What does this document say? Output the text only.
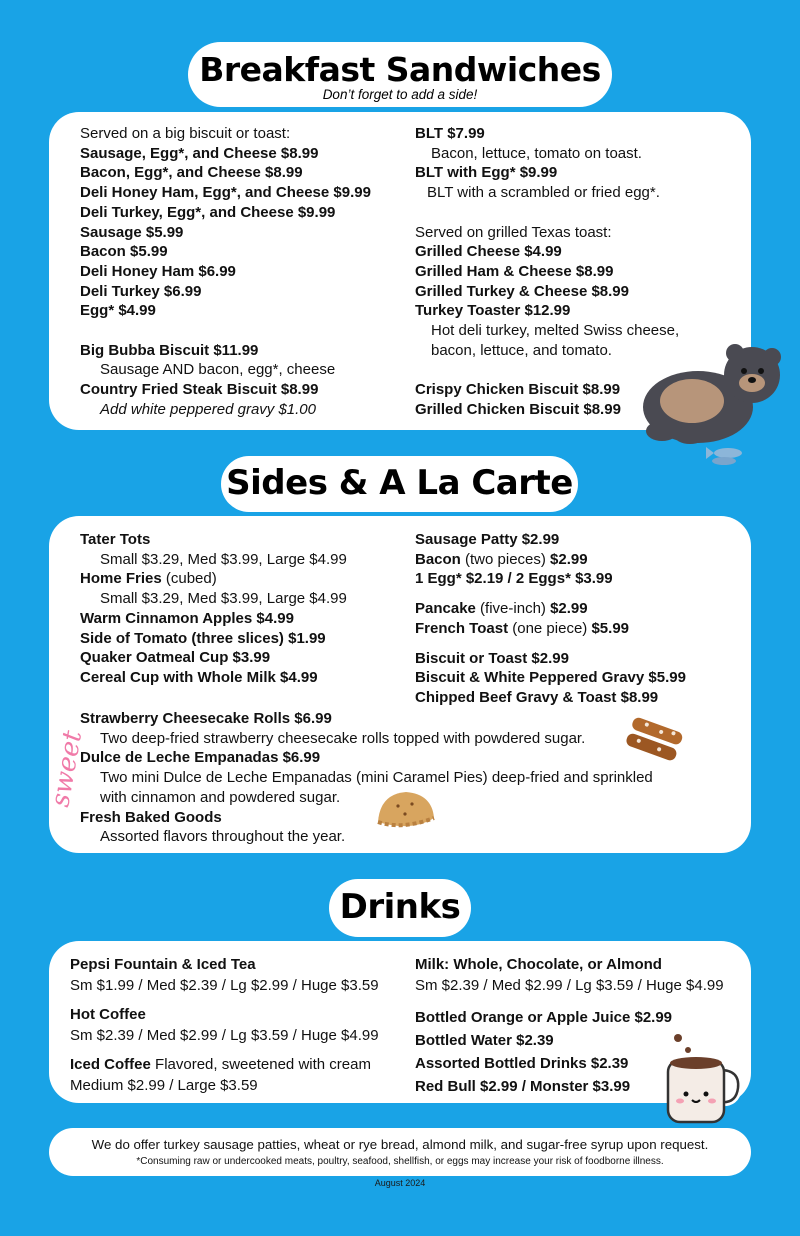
Breakfast Sandwiches
Don’t forget to add a side!
Served on a big biscuit or toast:
Sausage, Egg*, and Cheese $8.99
Bacon, Egg*, and Cheese $8.99
Deli Honey Ham, Egg*, and Cheese $9.99
Deli Turkey, Egg*, and Cheese $9.99
Sausage $5.99
Bacon $5.99
Deli Honey Ham $6.99
Deli Turkey $6.99
Egg* $4.99
Big Bubba Biscuit $11.99
Sausage AND bacon, egg*, cheese
Country Fried Steak Biscuit $8.99
Add white peppered gravy $1.00
BLT $7.99
Bacon, lettuce, tomato on toast.
BLT with Egg* $9.99
BLT with a scrambled or fried egg*.
Served on grilled Texas toast:
Grilled Cheese $4.99
Grilled Ham & Cheese $8.99
Grilled Turkey & Cheese $8.99
Turkey Toaster $12.99
Hot deli turkey, melted Swiss cheese,
bacon, lettuce, and tomato.
Crispy Chicken Biscuit $8.99
Grilled Chicken Biscuit $8.99
Sides & A La Carte
Tater Tots
Small $3.29, Med $3.99, Large $4.99
Home Fries (cubed)
Small $3.29, Med $3.99, Large $4.99
Warm Cinnamon Apples $4.99
Side of Tomato (three slices) $1.99
Quaker Oatmeal Cup $3.99
Cereal Cup with Whole Milk $4.99
Sausage Patty $2.99
Bacon (two pieces) $2.99
1 Egg* $2.19 / 2 Eggs* $3.99
Pancake (five-inch) $2.99
French Toast (one piece) $5.99
Biscuit or Toast $2.99
Biscuit & White Peppered Gravy $5.99
Chipped Beef Gravy & Toast $8.99
Strawberry Cheesecake Rolls $6.99
Two deep-fried strawberry cheesecake rolls topped with powdered sugar.
Dulce de Leche Empanadas $6.99
Two mini Dulce de Leche Empanadas (mini Caramel Pies) deep-fried and sprinkled
with cinnamon and powdered sugar.
Fresh Baked Goods
Assorted flavors throughout the year.
sweet
Drinks
Pepsi Fountain & Iced Tea
Sm $1.99 / Med $2.39 / Lg $2.99 / Huge $3.59
Hot Coffee
Sm $2.39 / Med $2.99 / Lg $3.59 / Huge $4.99
Iced Coffee Flavored, sweetened with cream
Medium $2.99 / Large $3.59
Milk: Whole, Chocolate, or Almond
Sm $2.39 / Med $2.99 / Lg $3.59 / Huge $4.99
Bottled Orange or Apple Juice $2.99
Bottled Water $2.39
Assorted Bottled Drinks $2.39
Red Bull $2.99 / Monster $3.99
We do offer turkey sausage patties, wheat or rye bread, almond milk, and sugar-free syrup upon request.
*Consuming raw or undercooked meats, poultry, seafood, shellfish, or eggs may increase your risk of foodborne illness.
August 2024
